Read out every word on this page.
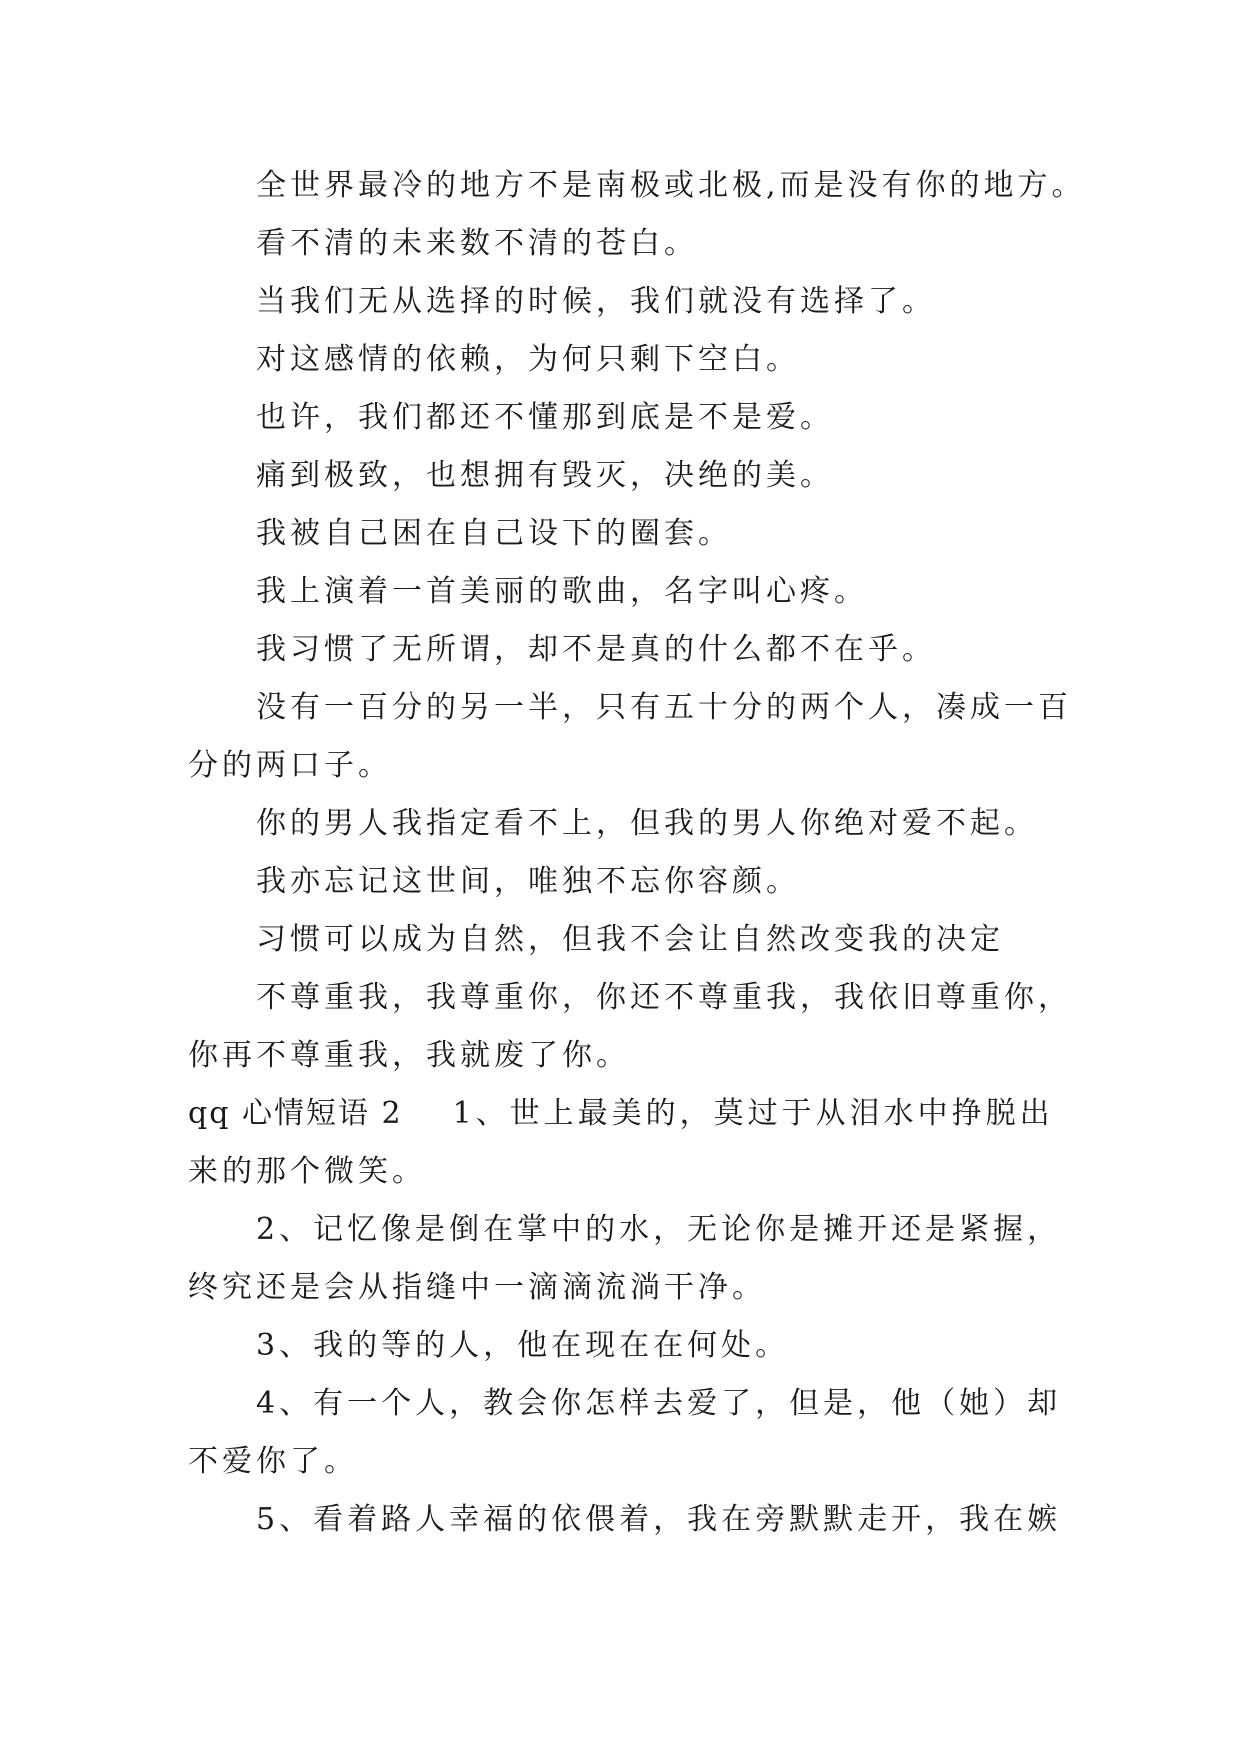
全世界最冷的地方不是南极或北极,而是没有你的地方。

看不清的未来数不清的苍白。

当我们无从选择的时候，我们就没有选择了。

对这感情的依赖，为何只剩下空白。

也许，我们都还不懂那到底是不是爱。

痛到极致，也想拥有毁灭，决绝的美。

我被自己困在自己设下的圈套。

我上演着一首美丽的歌曲，名字叫心疼。

我习惯了无所谓，却不是真的什么都不在乎。

没有一百分的另一半，只有五十分的两个人，凑成一百

分的两口子。

你的男人我指定看不上，但我的男人你绝对爱不起。

我亦忘记这世间，唯独不忘你容颜。

习惯可以成为自然，但我不会让自然改变我的决定

不尊重我，我尊重你，你还不尊重我，我依旧尊重你，

你再不尊重我，我就废了你。

qq 心情短语 2 1、世上最美的，莫过于从泪水中挣脱出

来的那个微笑。

2、记忆像是倒在掌中的水，无论你是摊开还是紧握，

终究还是会从指缝中一滴滴流淌干净。

3、我的等的人，他在现在在何处。

4、有一个人，教会你怎样去爱了，但是，他（她）却

不爱你了。

5、看着路人幸福的依偎着，我在旁默默走开，我在嫉
